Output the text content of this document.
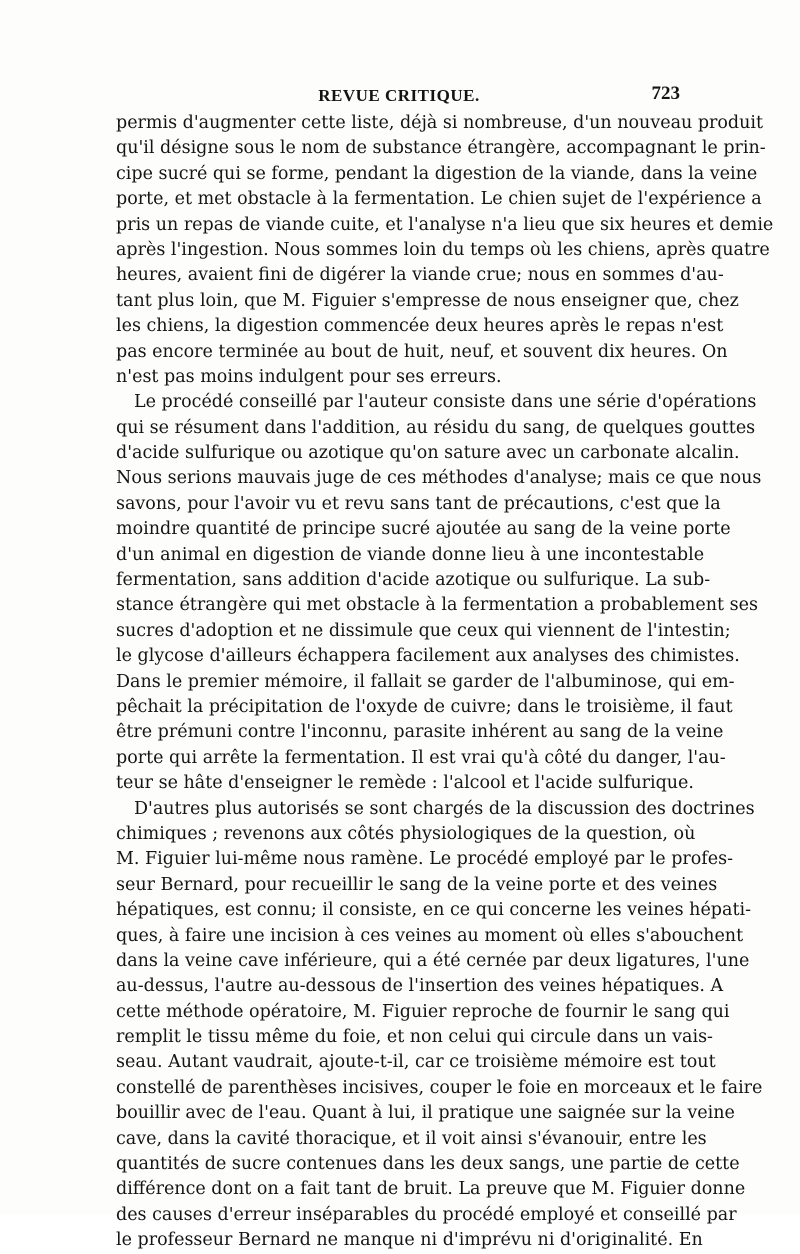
REVUE CRITIQUE.	723
permis d'augmenter cette liste, déjà si nombreuse, d'un nouveau produit
qu'il désigne sous le nom de substance étrangère, accompagnant le prin-
cipe sucré qui se forme, pendant la digestion de la viande, dans la veine
porte, et met obstacle à la fermentation. Le chien sujet de l'expérience a
pris un repas de viande cuite, et l'analyse n'a lieu que six heures et demie
après l'ingestion. Nous sommes loin du temps où les chiens, après quatre
heures, avaient fini de digérer la viande crue; nous en sommes d'au-
tant plus loin, que M. Figuier s'empresse de nous enseigner que, chez
les chiens, la digestion commencée deux heures après le repas n'est
pas encore terminée au bout de huit, neuf, et souvent dix heures. On
n'est pas moins indulgent pour ses erreurs.
Le procédé conseillé par l'auteur consiste dans une série d'opérations
qui se résument dans l'addition, au résidu du sang, de quelques gouttes
d'acide sulfurique ou azotique qu'on sature avec un carbonate alcalin.
Nous serions mauvais juge de ces méthodes d'analyse; mais ce que nous
savons, pour l'avoir vu et revu sans tant de précautions, c'est que la
moindre quantité de principe sucré ajoutée au sang de la veine porte
d'un animal en digestion de viande donne lieu à une incontestable
fermentation, sans addition d'acide azotique ou sulfurique. La sub-
stance étrangère qui met obstacle à la fermentation a probablement ses
sucres d'adoption et ne dissimule que ceux qui viennent de l'intestin;
le glycose d'ailleurs échappera facilement aux analyses des chimistes.
Dans le premier mémoire, il fallait se garder de l'albuminose, qui em-
pêchait la précipitation de l'oxyde de cuivre; dans le troisième, il faut
être prémuni contre l'inconnu, parasite inhérent au sang de la veine
porte qui arrête la fermentation. Il est vrai qu'à côté du danger, l'au-
teur se hâte d'enseigner le remède : l'alcool et l'acide sulfurique.
D'autres plus autorisés se sont chargés de la discussion des doctrines
chimiques ; revenons aux côtés physiologiques de la question, où
M. Figuier lui-même nous ramène. Le procédé employé par le profes-
seur Bernard, pour recueillir le sang de la veine porte et des veines
hépatiques, est connu; il consiste, en ce qui concerne les veines hépati-
ques, à faire une incision à ces veines au moment où elles s'abouchent
dans la veine cave inférieure, qui a été cernée par deux ligatures, l'une
au-dessus, l'autre au-dessous de l'insertion des veines hépatiques. A
cette méthode opératoire, M. Figuier reproche de fournir le sang qui
remplit le tissu même du foie, et non celui qui circule dans un vais-
seau. Autant vaudrait, ajoute-t-il, car ce troisième mémoire est tout
constellé de parenthèses incisives, couper le foie en morceaux et le faire
bouillir avec de l'eau. Quant à lui, il pratique une saignée sur la veine
cave, dans la cavité thoracique, et il voit ainsi s'évanouir, entre les
quantités de sucre contenues dans les deux sangs, une partie de cette
différence dont on a fait tant de bruit. La preuve que M. Figuier donne
des causes d'erreur inséparables du procédé employé et conseillé par
le professeur Bernard ne manque ni d'imprévu ni d'originalité. En
